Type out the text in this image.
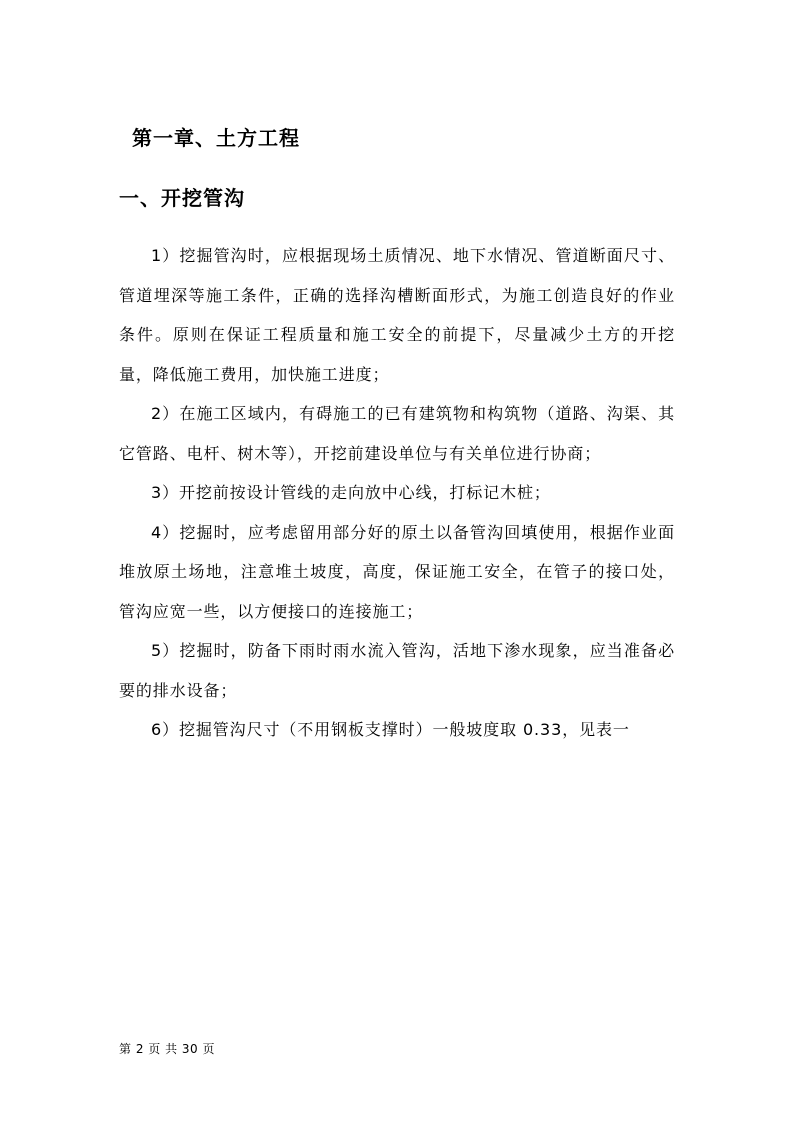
第一章、土方工程
一、开挖管沟

1）挖掘管沟时，应根据现场土质情况、地下水情况、管道断面尺寸、管道埋深等施工条件，正确的选择沟槽断面形式，为施工创造良好的作业条件。原则在保证工程质量和施工安全的前提下，尽量减少土方的开挖量，降低施工费用，加快施工进度；

2）在施工区域内，有碍施工的已有建筑物和构筑物（道路、沟渠、其它管路、电杆、树木等），开挖前建设单位与有关单位进行协商；

3）开挖前按设计管线的走向放中心线，打标记木桩；

4）挖掘时，应考虑留用部分好的原土以备管沟回填使用，根据作业面堆放原土场地，注意堆土坡度，高度，保证施工安全，在管子的接口处，管沟应宽一些，以方便接口的连接施工；

5）挖掘时，防备下雨时雨水流入管沟，活地下渗水现象，应当准备必要的排水设备；

6）挖掘管沟尺寸（不用钢板支撑时）一般坡度取 0.33，见表一

第 2 页 共 30 页
